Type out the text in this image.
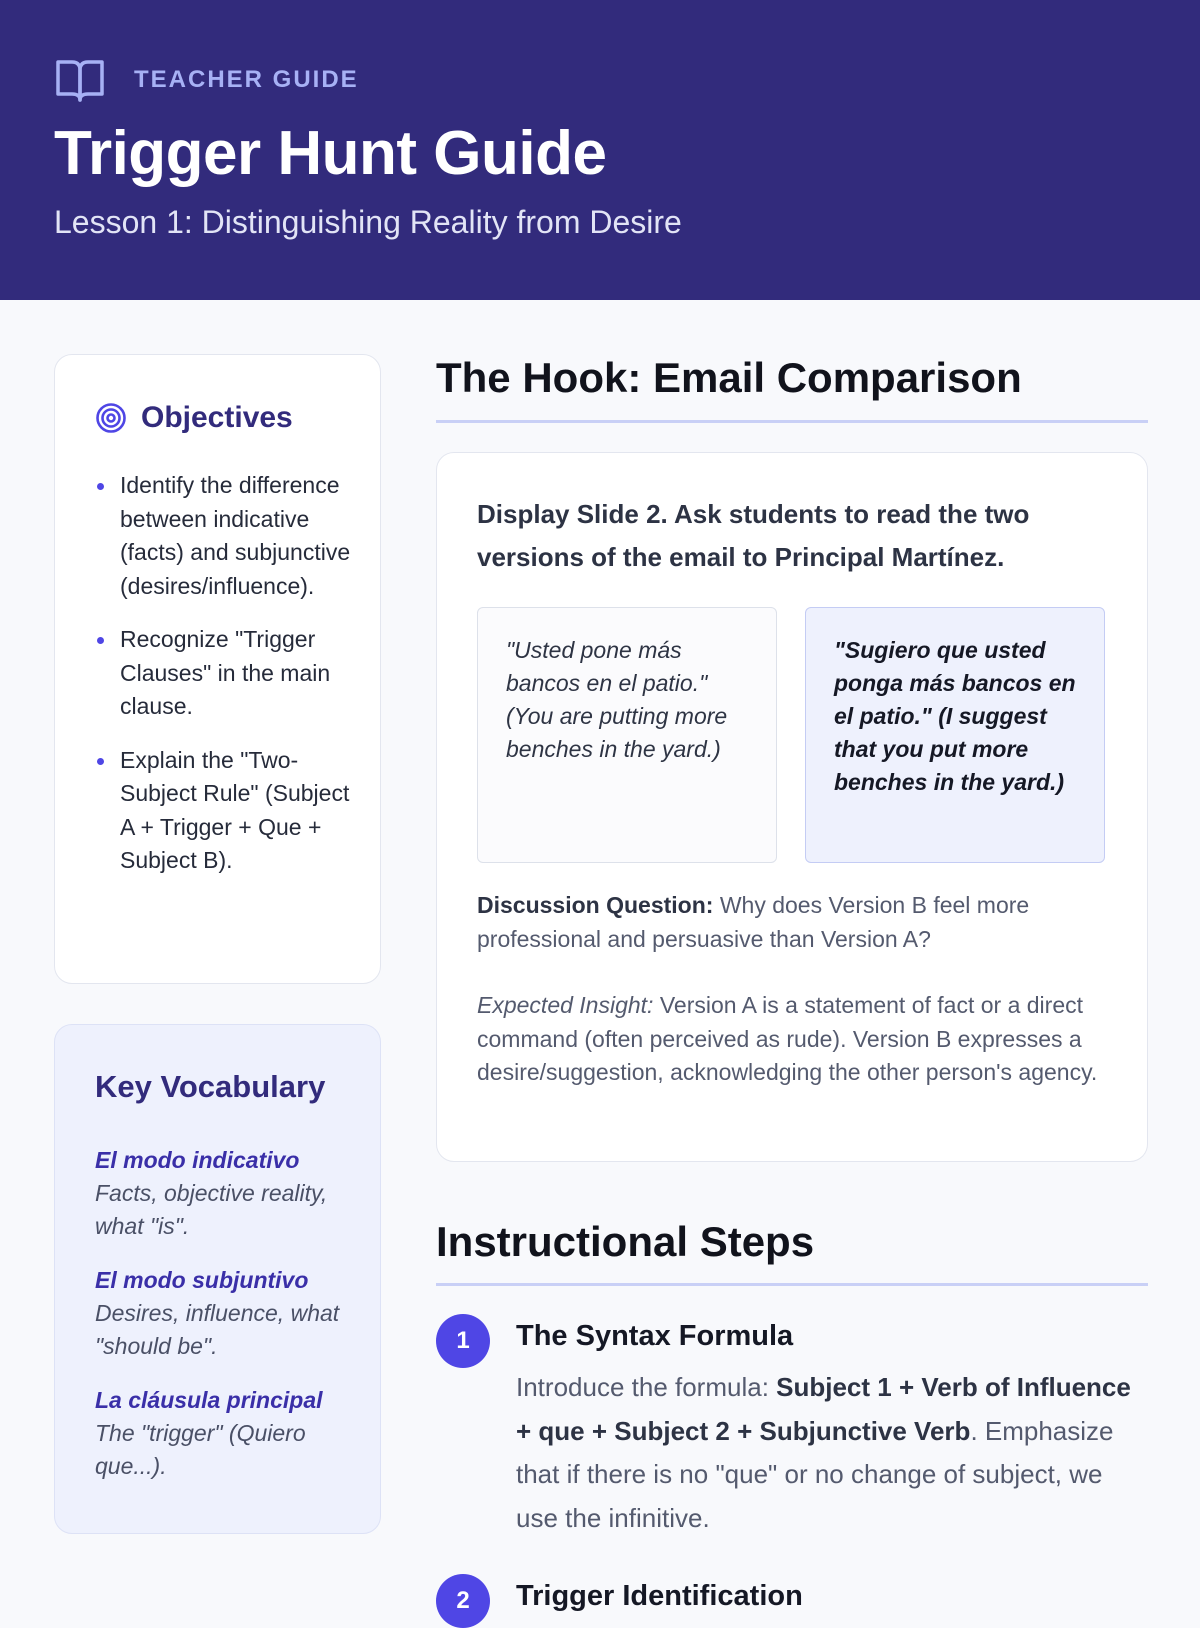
TEACHER GUIDE
Trigger Hunt Guide
Lesson 1: Distinguishing Reality from Desire
Objectives
Identify the difference between indicative (facts) and subjunctive (desires/influence).
Recognize "Trigger Clauses" in the main clause.
Explain the "Two-Subject Rule" (Subject A + Trigger + Que + Subject B).
Key Vocabulary
El modo indicativo
Facts, objective reality, what "is".
El modo subjuntivo
Desires, influence, what "should be".
La cláusula principal
The "trigger" (Quiero que...).
The Hook: Email Comparison
Display Slide 2. Ask students to read the two versions of the email to Principal Martínez.
"Usted pone más bancos en el patio." (You are putting more benches in the yard.)
"Sugiero que usted ponga más bancos en el patio." (I suggest that you put more benches in the yard.)
Discussion Question: Why does Version B feel more professional and persuasive than Version A?
Expected Insight: Version A is a statement of fact or a direct command (often perceived as rude). Version B expresses a desire/suggestion, acknowledging the other person's agency.
Instructional Steps
1	The Syntax Formula
Introduce the formula: Subject 1 + Verb of Influence + que + Subject 2 + Subjunctive Verb. Emphasize that if there is no "que" or no change of subject, we use the infinitive.
2	Trigger Identification
